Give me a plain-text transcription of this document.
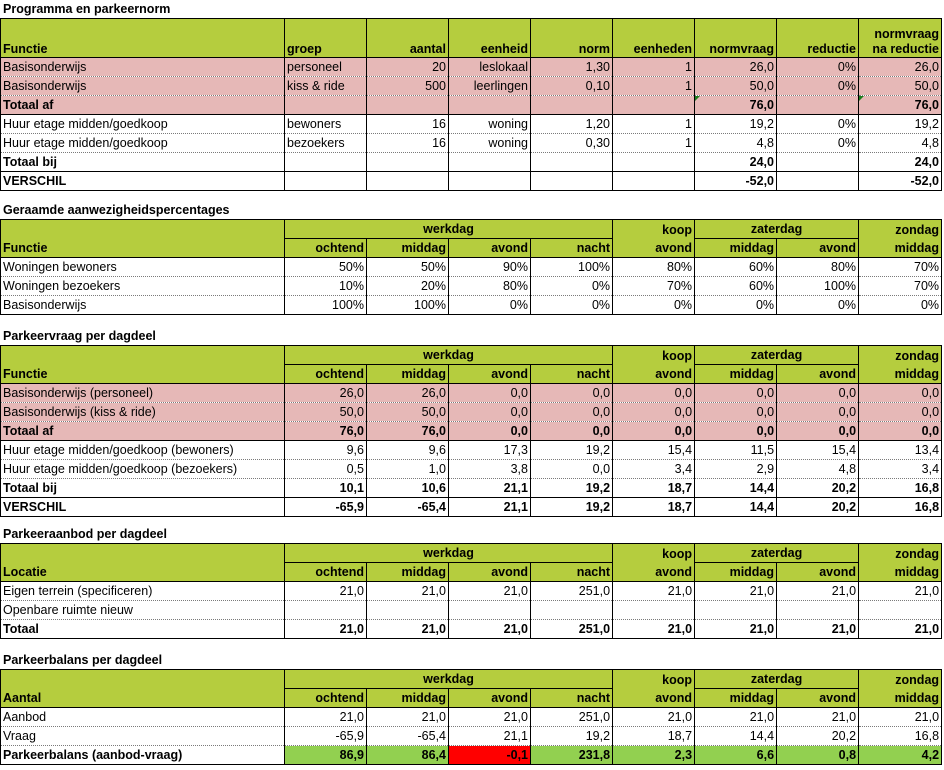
Programma en parkeernorm
Functie	groep	aantal	eenheid	norm	eenheden	normvraag	reductie	normvraag
na reductie
Basisonderwijs	personeel	20	leslokaal	1,30	1	26,0	0%	26,0
Basisonderwijs	kiss & ride	500	leerlingen	0,10	1	50,0	0%	50,0
Totaal af						76,0		76,0
Huur etage midden/goedkoop	bewoners	16	woning	1,20	1	19,2	0%	19,2
Huur etage midden/goedkoop	bezoekers	16	woning	0,30	1	4,8	0%	4,8
Totaal bij						24,0		24,0
VERSCHIL						-52,0		-52,0
Geraamde aanwezigheidspercentages
	werkdag				koop	zaterdag		zondag
Functie	ochtend	middag	avond	nacht	avond	middag	avond	middag
Woningen bewoners	50%	50%	90%	100%	80%	60%	80%	70%
Woningen bezoekers	10%	20%	80%	0%	70%	60%	100%	70%
Basisonderwijs	100%	100%	0%	0%	0%	0%	0%	0%
Parkeervraag per dagdeel
	werkdag				koop	zaterdag		zondag
Functie	ochtend	middag	avond	nacht	avond	middag	avond	middag
Basisonderwijs (personeel)	26,0	26,0	0,0	0,0	0,0	0,0	0,0	0,0
Basisonderwijs (kiss & ride)	50,0	50,0	0,0	0,0	0,0	0,0	0,0	0,0
Totaal af	76,0	76,0	0,0	0,0	0,0	0,0	0,0	0,0
Huur etage midden/goedkoop (bewoners)	9,6	9,6	17,3	19,2	15,4	11,5	15,4	13,4
Huur etage midden/goedkoop (bezoekers)	0,5	1,0	3,8	0,0	3,4	2,9	4,8	3,4
Totaal bij	10,1	10,6	21,1	19,2	18,7	14,4	20,2	16,8
VERSCHIL	-65,9	-65,4	21,1	19,2	18,7	14,4	20,2	16,8
Parkeeraanbod per dagdeel
	werkdag				koop	zaterdag		zondag
Locatie	ochtend	middag	avond	nacht	avond	middag	avond	middag
Eigen terrein (specificeren)	21,0	21,0	21,0	251,0	21,0	21,0	21,0	21,0
Openbare ruimte nieuw								
Totaal	21,0	21,0	21,0	251,0	21,0	21,0	21,0	21,0
Parkeerbalans per dagdeel
	werkdag				koop	zaterdag		zondag
Aantal	ochtend	middag	avond	nacht	avond	middag	avond	middag
Aanbod	21,0	21,0	21,0	251,0	21,0	21,0	21,0	21,0
Vraag	-65,9	-65,4	21,1	19,2	18,7	14,4	20,2	16,8
Parkeerbalans (aanbod-vraag)	86,9	86,4	-0,1	231,8	2,3	6,6	0,8	4,2
